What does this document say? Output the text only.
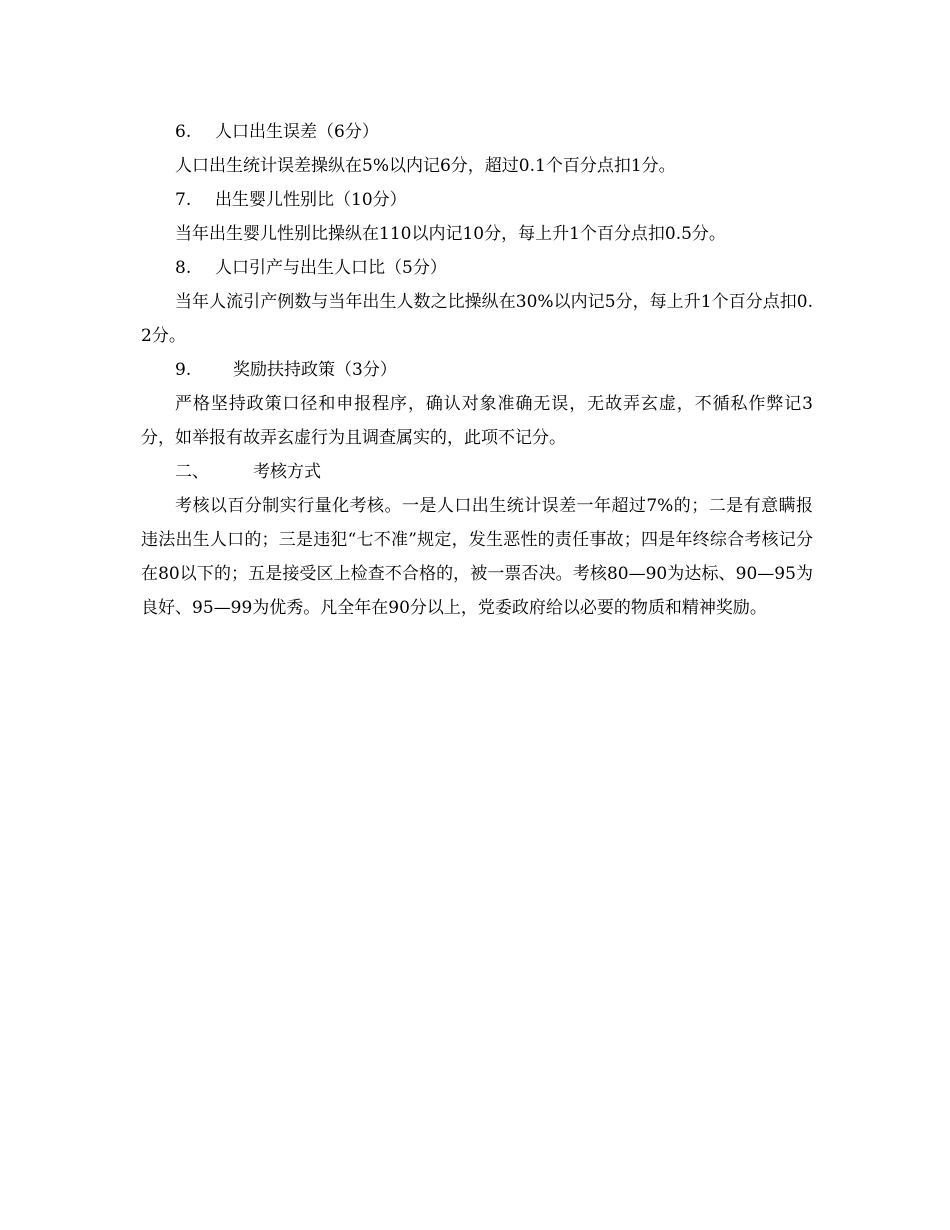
6. 人口出生误差（6分）
人口出生统计误差操纵在5%以内记6分，超过0.1个百分点扣1分。
7. 出生婴儿性别比（10分）
当年出生婴儿性别比操纵在110以内记10分，每上升1个百分点扣0.5分。
8. 人口引产与出生人口比（5分）
当年人流引产例数与当年出生人数之比操纵在30%以内记5分，每上升1个百分点扣0.2分。
9. 奖励扶持政策（3分）
严格坚持政策口径和申报程序，确认对象准确无误，无故弄玄虚，不循私作弊记3分，如举报有故弄玄虚行为且调查属实的，此项不记分。
二、	考核方式
考核以百分制实行量化考核。一是人口出生统计误差一年超过7%的；二是有意瞒报违法出生人口的；三是违犯“七不准”规定，发生恶性的责任事故；四是年终综合考核记分在80以下的；五是接受区上检查不合格的，被一票否决。考核80—90为达标、90—95为良好、95—99为优秀。凡全年在90分以上，党委政府给以必要的物质和精神奖励。
